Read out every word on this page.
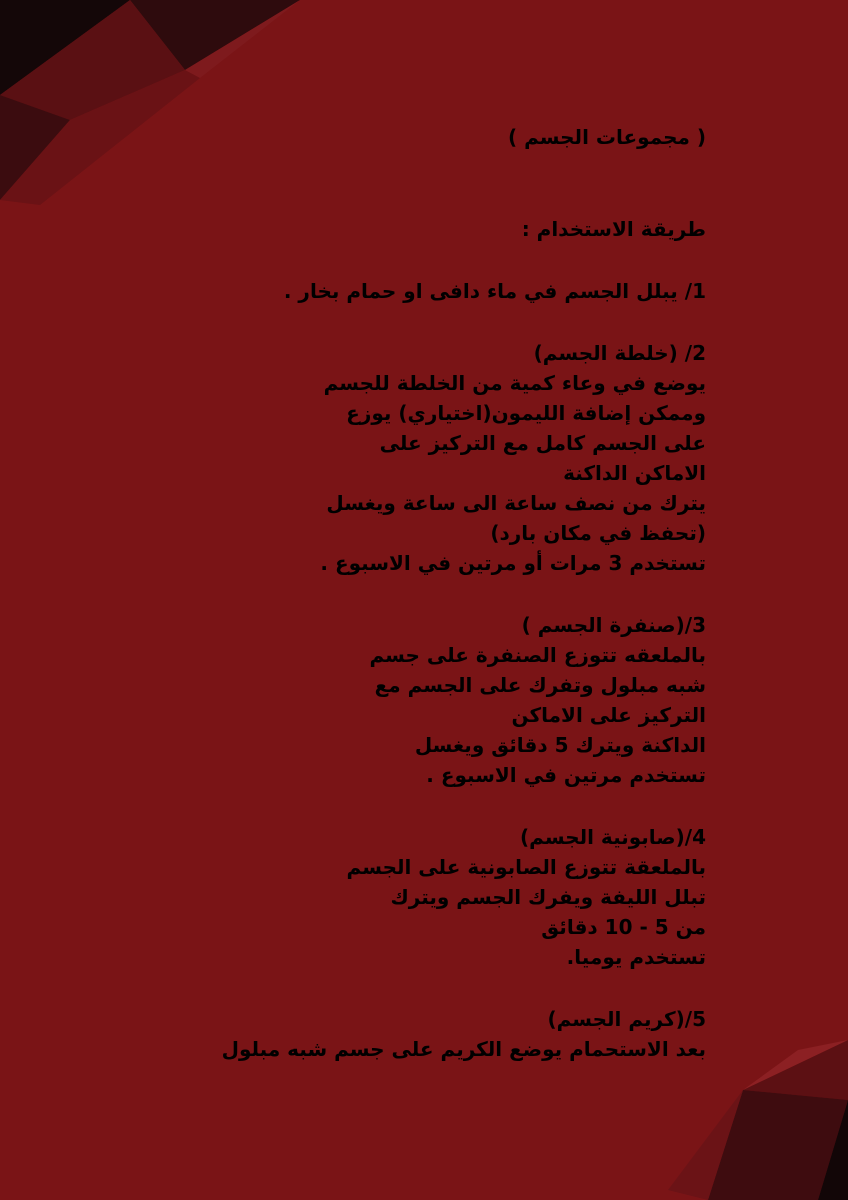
( مجموعات الجسم )
طريقة الاستخدام :
1/ يبلل الجسم في ماء دافى او حمام بخار .
2/ (خلطة الجسم)
يوضع في وعاء كمية من الخلطة للجسم
وممكن إضافة الليمون(اختياري) يوزع
على الجسم كامل مع التركيز على
الاماكن الداكنة
يترك من نصف ساعة الى ساعة ويغسل
(تحفظ في مكان بارد)
تستخدم 3 مرات أو مرتين في الاسبوع .
3/(صنفرة الجسم )
بالملعقه تتوزع الصنفرة على جسم
شبه مبلول وتفرك على الجسم مع
التركيز على الاماكن
الداكنة ويترك 5 دقائق ويغسل
تستخدم مرتين في الاسبوع .
4/(صابونية الجسم)
بالملعقة تتوزع الصابونية على الجسم
تبلل الليفة ويفرك الجسم ويترك
من 5 - 10 دقائق
تستخدم يوميا.
5/(كريم الجسم)
بعد الاستحمام يوضع الكريم على جسم شبه مبلول
